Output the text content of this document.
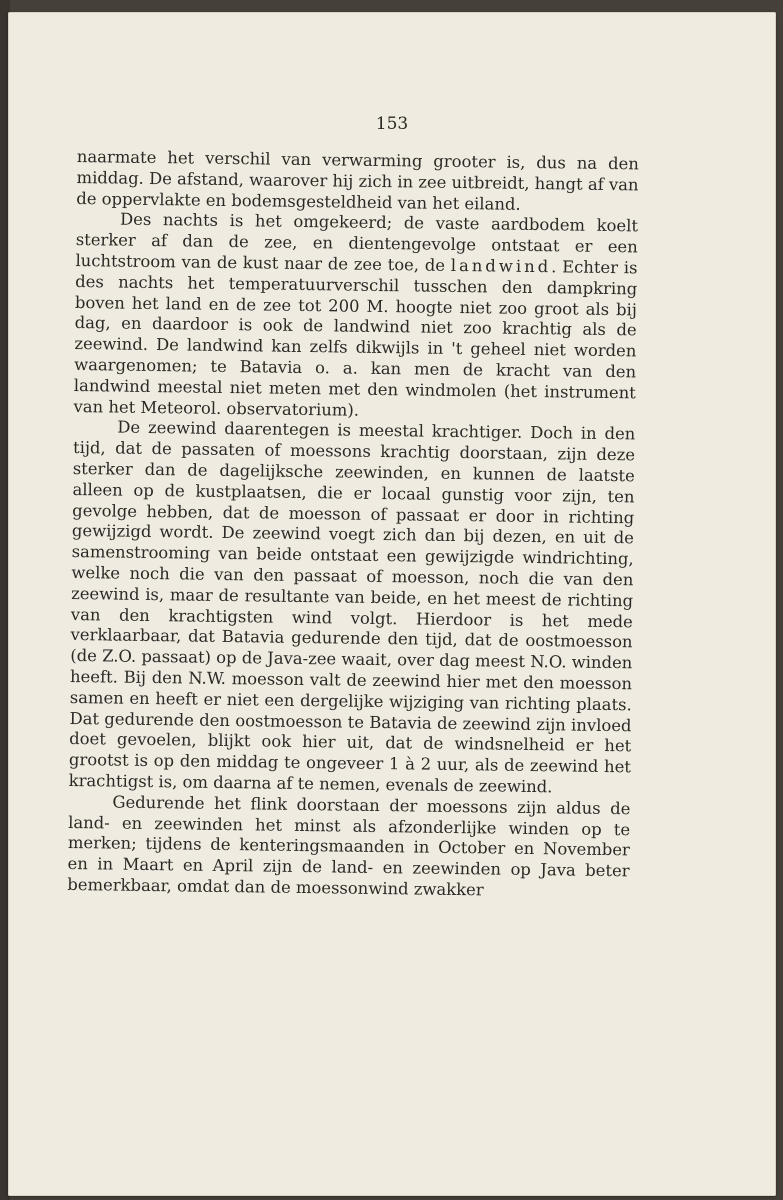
153

naarmate het verschil van verwarming grooter is, dus na den middag. De afstand, waarover hij zich in zee uitbreidt, hangt af van de oppervlakte en bodemsgesteldheid van het eiland.

Des nachts is het omgekeerd; de vaste aardbodem koelt sterker af dan de zee, en dientengevolge ontstaat er een luchtstroom van de kust naar de zee toe, de landwind. Echter is des nachts het temperatuurverschil tusschen den dampkring boven het land en de zee tot 200 M. hoogte niet zoo groot als bij dag, en daardoor is ook de landwind niet zoo krachtig als de zeewind. De landwind kan zelfs dikwijls in 't geheel niet worden waargenomen; te Batavia o. a. kan men de kracht van den landwind meestal niet meten met den windmolen (het instrument van het Meteorol. observatorium).

De zeewind daarentegen is meestal krachtiger. Doch in den tijd, dat de passaten of moessons krachtig doorstaan, zijn deze sterker dan de dagelijksche zeewinden, en kunnen de laatste alleen op de kustplaatsen, die er locaal gunstig voor zijn, ten gevolge hebben, dat de moesson of passaat er door in richting gewijzigd wordt. De zeewind voegt zich dan bij dezen, en uit de samenstrooming van beide ontstaat een gewijzigde windrichting, welke noch die van den passaat of moesson, noch die van den zeewind is, maar de resultante van beide, en het meest de richting van den krachtigsten wind volgt. Hierdoor is het mede verklaarbaar, dat Batavia gedurende den tijd, dat de oostmoesson (de Z.O. passaat) op de Java-zee waait, over dag meest N.O. winden heeft. Bij den N.W. moesson valt de zeewind hier met den moesson samen en heeft er niet een dergelijke wijziging van richting plaats. Dat gedurende den oostmoesson te Batavia de zeewind zijn invloed doet gevoelen, blijkt ook hier uit, dat de windsnelheid er het grootst is op den middag te ongeveer 1 à 2 uur, als de zeewind het krachtigst is, om daarna af te nemen, evenals de zeewind.

Gedurende het flink doorstaan der moessons zijn aldus de land- en zeewinden het minst als afzonderlijke winden op te merken; tijdens de kenteringsmaanden in October en November en in Maart en April zijn de land- en zeewinden op Java beter bemerkbaar, omdat dan de moessonwind zwakker
